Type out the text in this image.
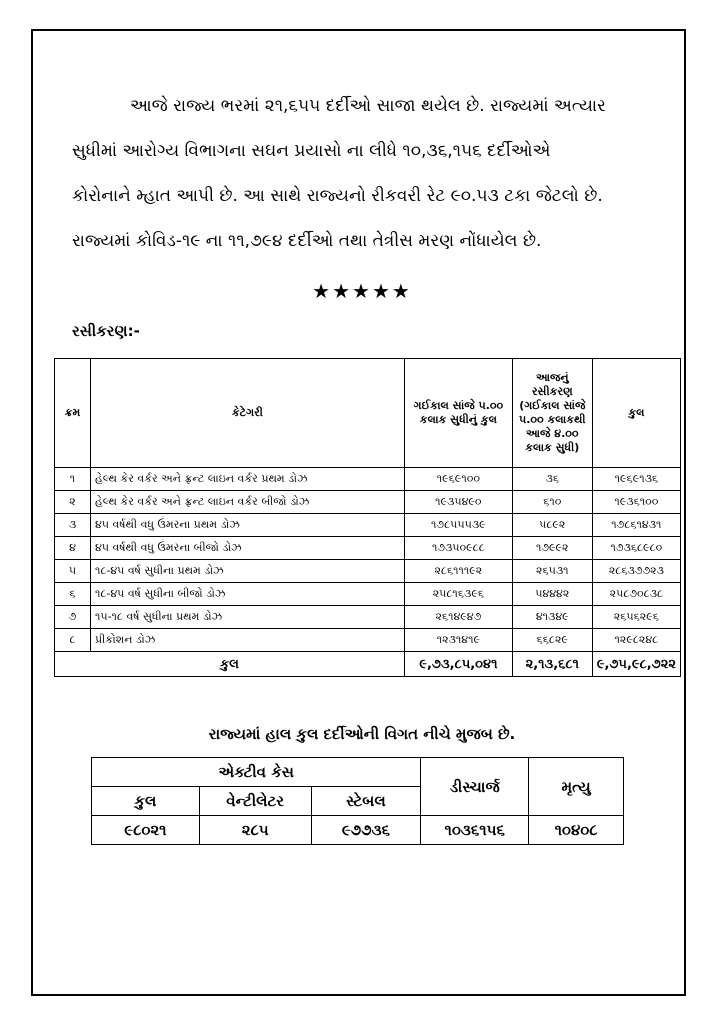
આજે રાજ્ય ભરમાં ૨૧,૬૫૫ દર્દીઓ સાજા થયેલ છે. રાજ્યમાં અત્યાર
સુધીમાં આરોગ્ય વિભાગના સઘન પ્રયાસો ના લીધે ૧૦,૩૬,૧૫૬ દર્દીઓએ
કોરોનાને મ્હાત આપી છે. આ સાથે રાજ્યનો રીકવરી રેટ ૯૦.૫૩ ટકા જેટલો છે.
રાજ્યમાં કોવિડ-૧૯ ના ૧૧,૭૯૪ દર્દીઓ તથા તેત્રીસ મરણ નોંધાયેલ છે.
★★★★★
રસીકરણ:-
ક્રમ	કેટેગરી	ગઈકાલ સાંજે ૫.૦૦ કલાક સુધીનું કુલ	આજનું રસીકરણ (ગઈકાલ સાંજે ૫.૦૦ કલાકથી આજે ૪.૦૦ કલાક સુધી)	કુલ
૧	હેલ્થ કેર વર્કર અને ફ્રન્ટ લાઇન વર્કર પ્રથમ ડોઝ	૧૯૬૯૧૦૦	૩૬	૧૯૬૯૧૩૬
૨	હેલ્થ કેર વર્કર અને ફ્રન્ટ લાઇન વર્કર બીજો ડોઝ	૧૯૩૫૪૯૦	૬૧૦	૧૯૩૬૧૦૦
૩	૪૫ વર્ષથી વધુ ઉંમરના પ્રથમ ડોઝ	૧૭૮૫૫૫૩૯	૫૮૯૨	૧૭૮૬૧૪૩૧
૪	૪૫ વર્ષથી વધુ ઉંમરના બીજો ડોઝ	૧૭૩૫૦૯૮૮	૧૭૯૯૨	૧૭૩૬૮૯૮૦
૫	૧૮-૪૫ વર્ષ સુધીના પ્રથમ ડોઝ	૨૮૬૧૧૧૯૨	૨૬૫૩૧	૨૮૬૩૭૭૨૩
૬	૧૮-૪૫ વર્ષ સુધીના બીજો ડોઝ	૨૫૮૧૬૩૯૬	૫૪૪૪૨	૨૫૮૭૦૮૩૮
૭	૧૫-૧૮ વર્ષ સુધીના પ્રથમ ડોઝ	૨૬૧૪૯૪૭	૪૧૩૪૯	૨૬૫૬૨૯૬
૮	પ્રીકોશન ડોઝ	૧૨૩૧૪૧૯	૬૬૮૨૯	૧૨૯૮૨૪૮
કુલ		૯,૭૩,૮૫,૦૪૧	૨,૧૩,૬૮૧	૯,૭૫,૯૮,૭૨૨
રાજ્યમાં હાલ કુલ દર્દીઓની વિગત નીચે મુજબ છે.
એક્ટીવ કેસ			ડીસ્ચાર્જ	મૃત્યુ
કુલ	વેન્ટીલેટર	સ્ટેબલ		
૯૮૦૨૧	૨૮૫	૯૭૭૩૬	૧૦૩૬૧૫૬	૧૦૪૦૮
